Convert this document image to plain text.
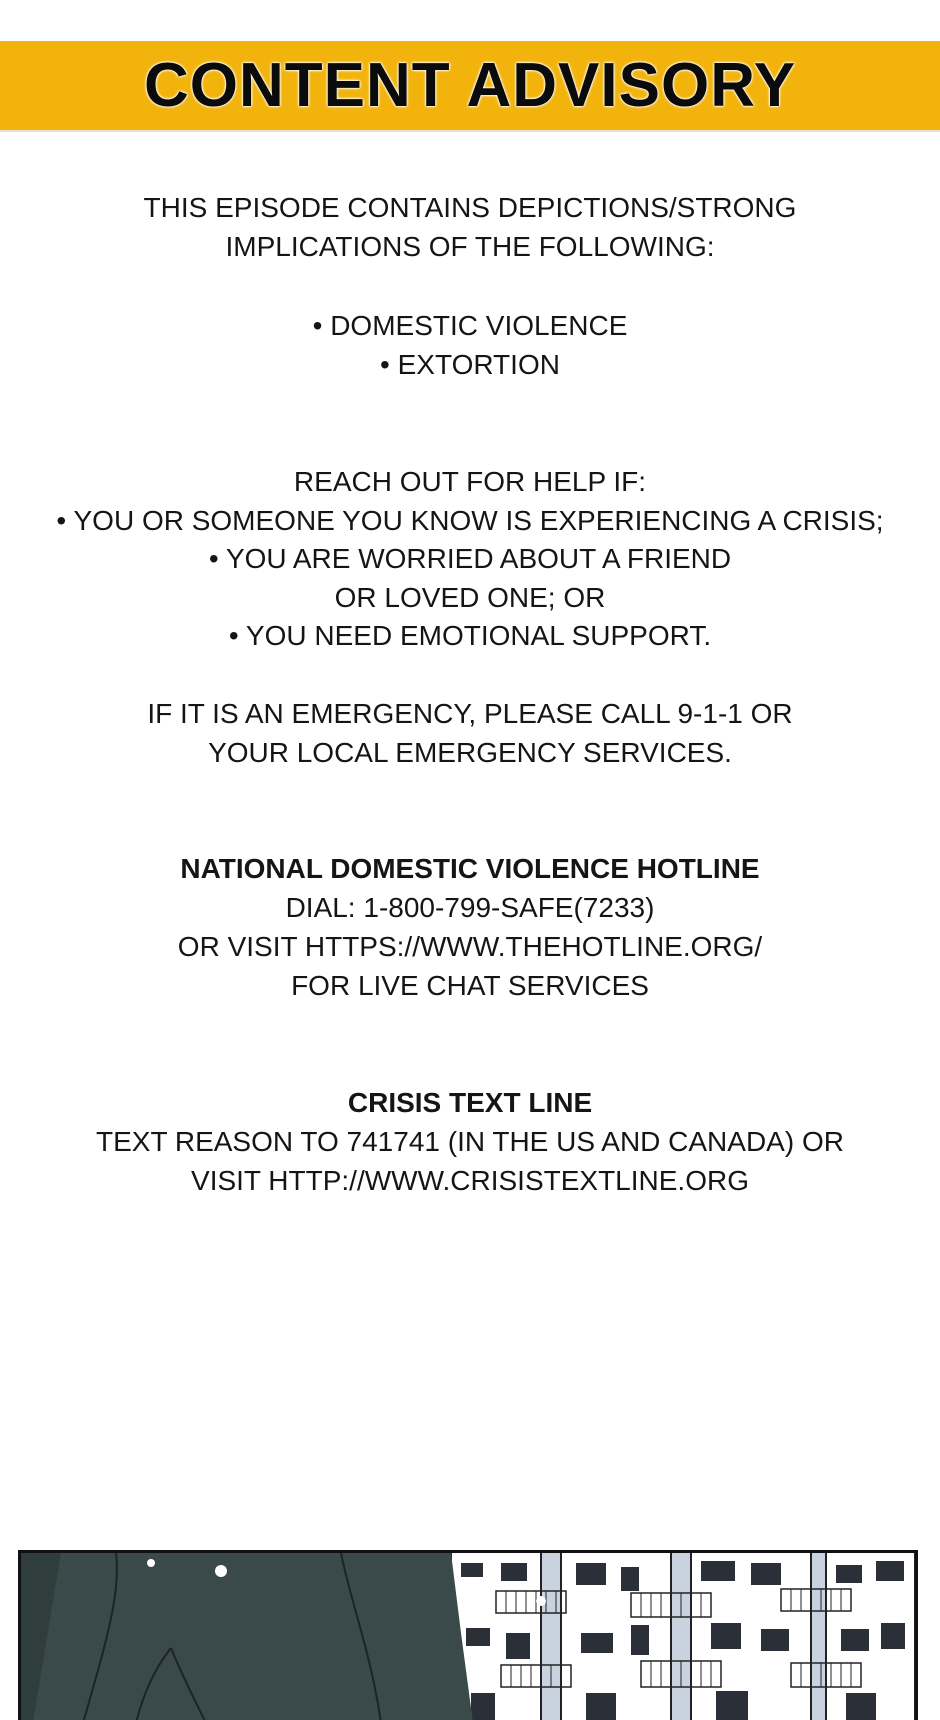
CONTENT ADVISORY
THIS EPISODE CONTAINS DEPICTIONS/STRONG
IMPLICATIONS OF THE FOLLOWING:
• DOMESTIC VIOLENCE
• EXTORTION
REACH OUT FOR HELP IF:
• YOU OR SOMEONE YOU KNOW IS EXPERIENCING A CRISIS;
• YOU ARE WORRIED ABOUT A FRIEND
OR LOVED ONE; OR
• YOU NEED EMOTIONAL SUPPORT.
IF IT IS AN EMERGENCY, PLEASE CALL 9-1-1 OR
YOUR LOCAL EMERGENCY SERVICES.
NATIONAL DOMESTIC VIOLENCE HOTLINE
DIAL: 1-800-799-SAFE(7233)
OR VISIT HTTPS://WWW.THEHOTLINE.ORG/
FOR LIVE CHAT SERVICES
CRISIS TEXT LINE
TEXT REASON TO 741741 (IN THE US AND CANADA) OR
VISIT HTTP://WWW.CRISISTEXTLINE.ORG
